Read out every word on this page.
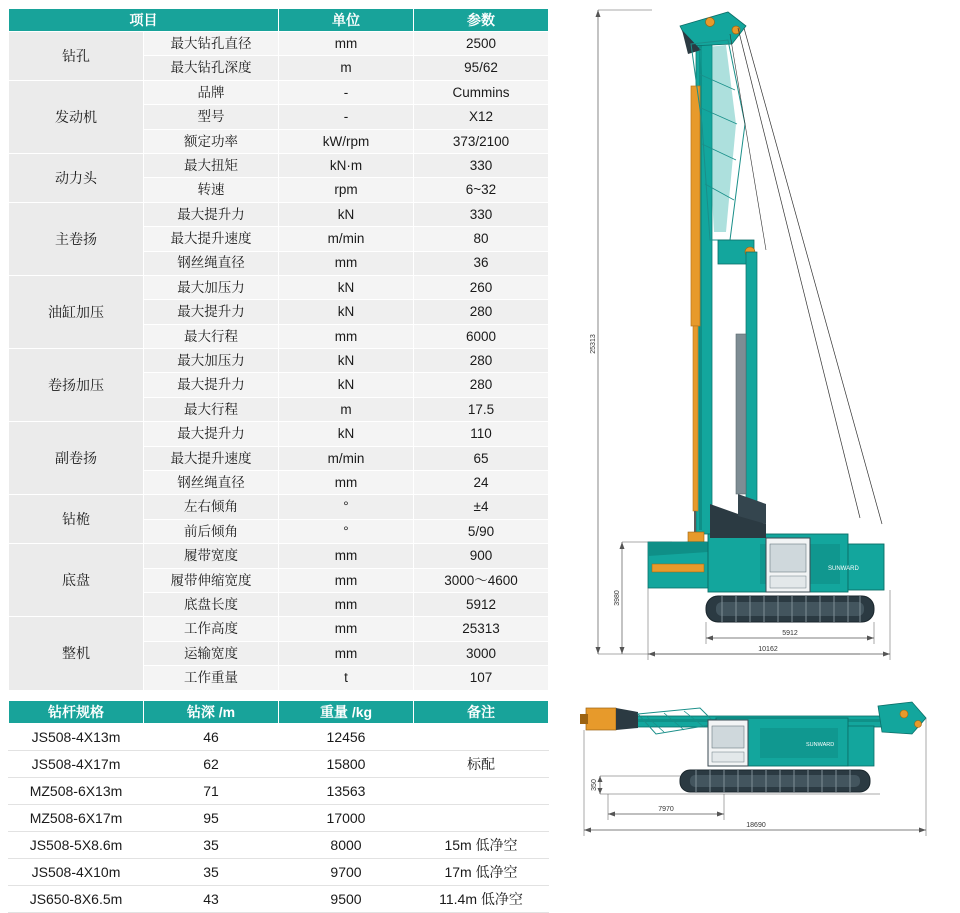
项目		单位	参数
钻孔	最大钻孔直径	mm	2500
	最大钻孔深度	m	95/62
发动机	品牌	-	Cummins
	型号	-	X12
	额定功率	kW/rpm	373/2100
动力头	最大扭矩	kN·m	330
	转速	rpm	6~32
主卷扬	最大提升力	kN	330
	最大提升速度	m/min	80
	钢丝绳直径	mm	36
油缸加压	最大加压力	kN	260
	最大提升力	kN	280
	最大行程	mm	6000
卷扬加压	最大加压力	kN	280
	最大提升力	kN	280
	最大行程	m	17.5
副卷扬	最大提升力	kN	110
	最大提升速度	m/min	65
	钢丝绳直径	mm	24
钻桅	左右倾角	°	±4
	前后倾角	°	5/90
底盘	履带宽度	mm	900
	履带伸缩宽度	mm	3000～4600
	底盘长度	mm	5912
整机	工作高度	mm	25313
	运输宽度	mm	3000
	工作重量	t	107
钻杆规格	钻深 /m	重量 /kg	备注
JS508-4X13m	46	12456	
JS508-4X17m	62	15800	标配
MZ508-6X13m	71	13563	
MZ508-6X17m	95	17000	
JS508-5X8.6m	35	8000	15m 低净空
JS508-4X10m	35	9700	17m 低净空
JS650-8X6.5m	43	9500	11.4m 低净空
25313
3980
SUNWARD
5912
10162
SUNWARD
350
7970
18690
